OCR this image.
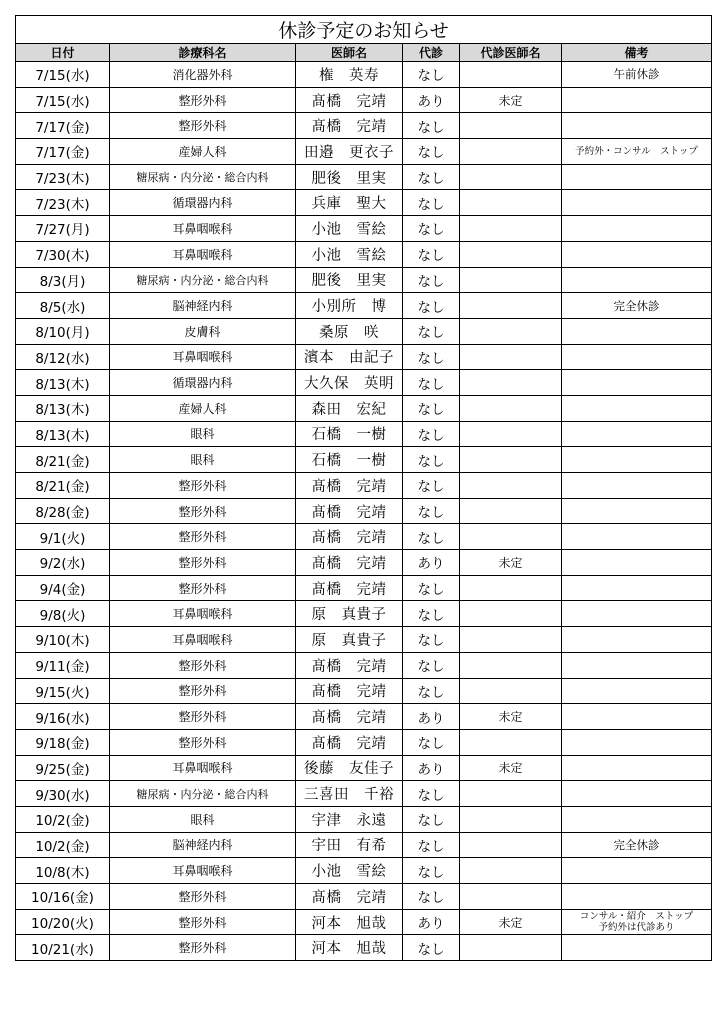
休診予定のお知らせ					
日付	診療科名	医師名	代診	代診医師名	備考
7/15(水)	消化器外科	権　英寿	なし		午前休診
7/15(水)	整形外科	髙橋　完靖	あり	未定	
7/17(金)	整形外科	髙橋　完靖	なし		
7/17(金)	産婦人科	田邉　更衣子	なし		予約外・コンサル　ストップ
7/23(木)	糖尿病・内分泌・総合内科	肥後　里実	なし		
7/23(木)	循環器内科	兵庫　聖大	なし		
7/27(月)	耳鼻咽喉科	小池　雪絵	なし		
7/30(木)	耳鼻咽喉科	小池　雪絵	なし		
8/3(月)	糖尿病・内分泌・総合内科	肥後　里実	なし		
8/5(水)	脳神経内科	小別所　博	なし		完全休診
8/10(月)	皮膚科	桑原　咲	なし		
8/12(水)	耳鼻咽喉科	濱本　由記子	なし		
8/13(木)	循環器内科	大久保　英明	なし		
8/13(木)	産婦人科	森田　宏紀	なし		
8/13(木)	眼科	石橋　一樹	なし		
8/21(金)	眼科	石橋　一樹	なし		
8/21(金)	整形外科	髙橋　完靖	なし		
8/28(金)	整形外科	髙橋　完靖	なし		
9/1(火)	整形外科	髙橋　完靖	なし		
9/2(水)	整形外科	髙橋　完靖	あり	未定	
9/4(金)	整形外科	髙橋　完靖	なし		
9/8(火)	耳鼻咽喉科	原　真貴子	なし		
9/10(木)	耳鼻咽喉科	原　真貴子	なし		
9/11(金)	整形外科	髙橋　完靖	なし		
9/15(火)	整形外科	髙橋　完靖	なし		
9/16(水)	整形外科	髙橋　完靖	あり	未定	
9/18(金)	整形外科	髙橋　完靖	なし		
9/25(金)	耳鼻咽喉科	後藤　友佳子	あり	未定	
9/30(水)	糖尿病・内分泌・総合内科	三喜田　千裕	なし		
10/2(金)	眼科	宇津　永遠	なし		
10/2(金)	脳神経内科	宇田　有希	なし		完全休診
10/8(木)	耳鼻咽喉科	小池　雪絵	なし		
10/16(金)	整形外科	髙橋　完靖	なし		
10/20(火)	整形外科	河本　旭哉	あり	未定	コンサル・紹介　ストップ
予約外は代診あり
10/21(水)	整形外科	河本　旭哉	なし		
